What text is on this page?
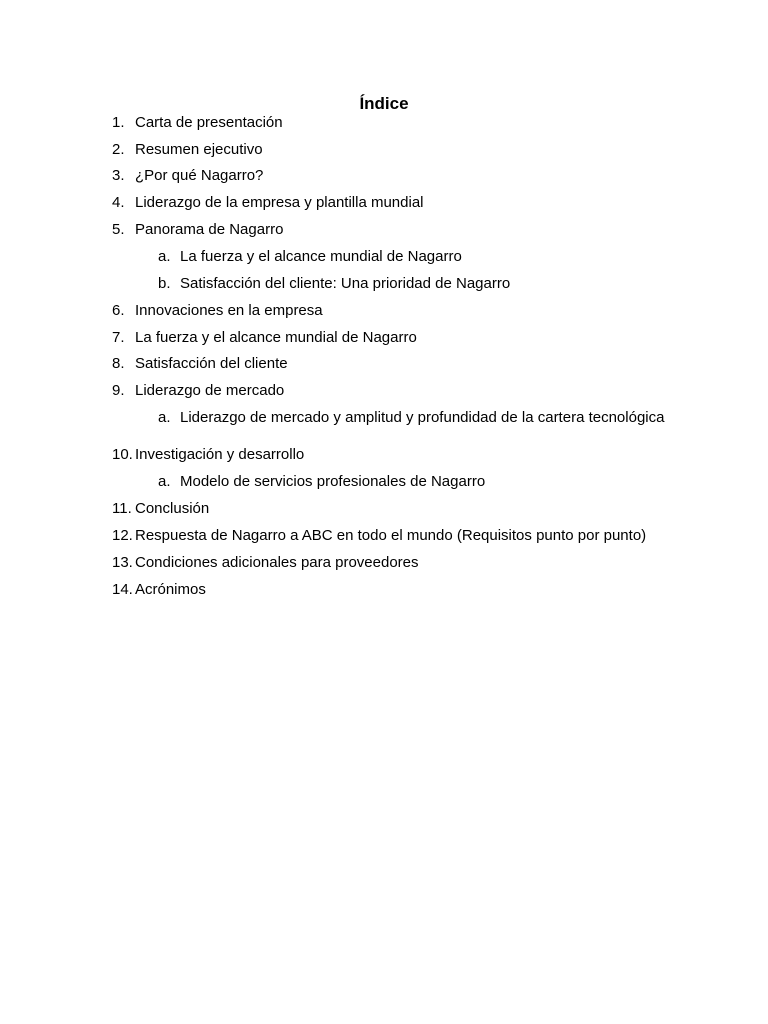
Índice
1. Carta de presentación
2. Resumen ejecutivo
3. ¿Por qué Nagarro?
4. Liderazgo de la empresa y plantilla mundial
5. Panorama de Nagarro
a. La fuerza y el alcance mundial de Nagarro
b. Satisfacción del cliente: Una prioridad de Nagarro
6. Innovaciones en la empresa
7. La fuerza y el alcance mundial de Nagarro
8. Satisfacción del cliente
9. Liderazgo de mercado
a. Liderazgo de mercado y amplitud y profundidad de la cartera tecnológica
10. Investigación y desarrollo
a. Modelo de servicios profesionales de Nagarro
11. Conclusión
12. Respuesta de Nagarro a ABC en todo el mundo (Requisitos punto por punto)
13. Condiciones adicionales para proveedores
14. Acrónimos
